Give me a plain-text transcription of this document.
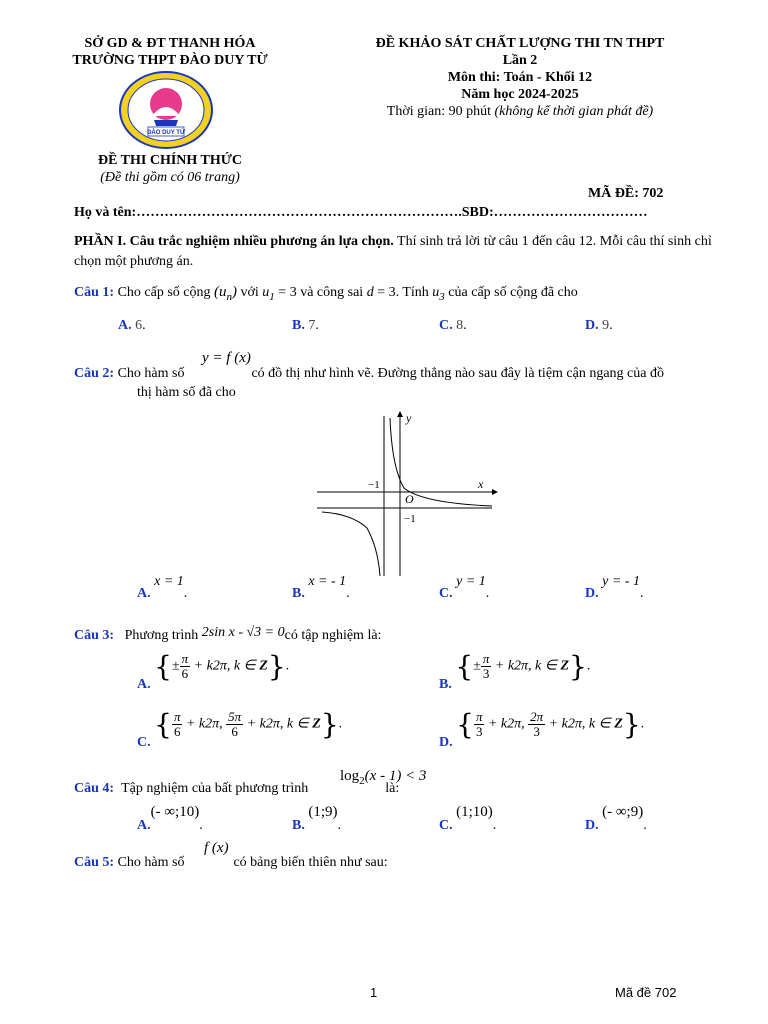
SỞ GD & ĐT THANH HÓA
TRƯỜNG THPT ĐÀO DUY TỪ
ĐÀO DUY TỪ
ĐỀ THI CHÍNH THỨC
(Đề thi gồm có 06 trang)
ĐỀ KHẢO SÁT CHẤT LƯỢNG THI TN THPT
Lần 2
Môn thi: Toán - Khối 12
Năm học 2024-2025
Thời gian: 90 phút (không kể thời gian phát đề)
MÃ ĐỀ: 702
Họ và tên:…………………………………………………………….SBD:……………………………
PHẦN I. Câu trắc nghiệm nhiều phương án lựa chọn. Thí sinh trả lời từ câu 1 đến câu 12. Mỗi câu thí sinh chỉ chọn một phương án.
Câu 1: Cho cấp số cộng $(u_n)$ với $u_1 = 3$ và công sai d = 3. Tính $u_3$ của cấp số cộng đã cho
A. 6.	B. 7.	C. 8.	D. 9.
y = f (x)
Câu 2: Cho hàm số	có đồ thị như hình vẽ. Đường thẳng nào sau đây là tiệm cận ngang của đồ
thị hàm số đã cho
y
x
O
−1
−1
A. x = 1.	B. x = - 1.	C. y = 1.	D. y = - 1.
Câu 3: Phương trình 2sin x - √3 = 0có tập nghiệm là:
A. {± $\frac{\pi}{6} + k2\pi$, k ∈ Z}.
B. {± $\frac{\pi}{3} + k2\pi$, k ∈ Z}.
C. { $\frac{\pi}{6} + k2\pi$, $\frac{5\pi}{6} + k2\pi$, k ∈ Z}.
D. { $\frac{\pi}{3} + k2\pi$, $\frac{2\pi}{3} + k2\pi$, k ∈ Z}.
$\log_2(x - 1) < 3$
Câu 4: Tập nghiệm của bất phương trình	là:
A.(- ∞;10).	B. (1;9).	C. (1;10).	D. (- ∞;9).
f (x)
Câu 5: Cho hàm số	có bảng biến thiên như sau:
1	Mã đề 702
